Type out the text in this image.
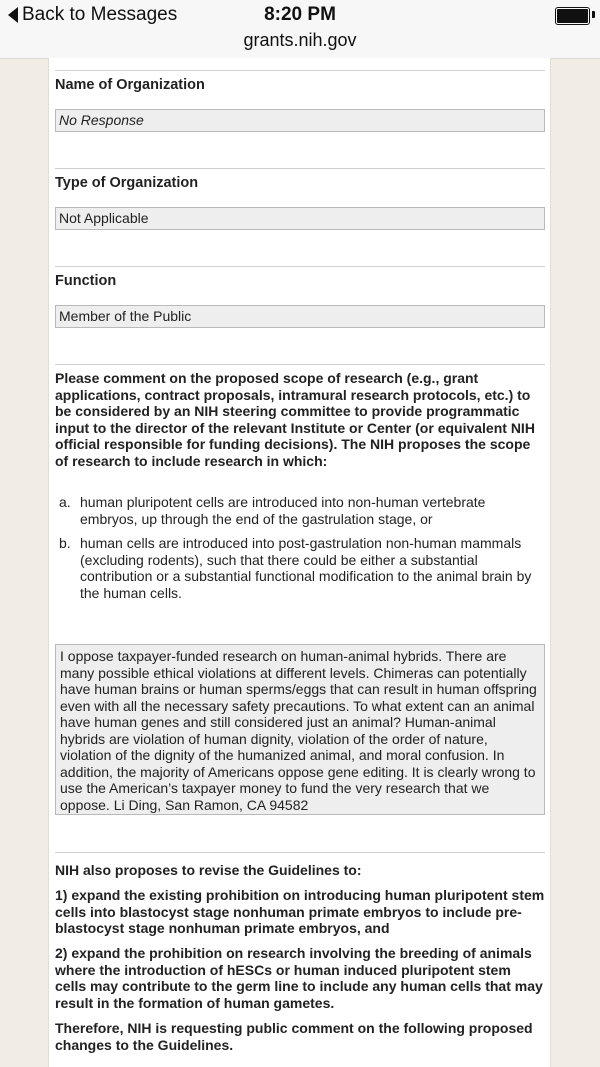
Back to Messages	8:20 PM
grants.nih.gov
Name of Organization
No Response
Type of Organization
Not Applicable
Function
Member of the Public
Please comment on the proposed scope of research (e.g., grant applications, contract proposals, intramural research protocols, etc.) to be considered by an NIH steering committee to provide programmatic input to the director of the relevant Institute or Center (or equivalent NIH official responsible for funding decisions). The NIH proposes the scope of research to include research in which:
a. human pluripotent cells are introduced into non-human vertebrate embryos, up through the end of the gastrulation stage, or
b. human cells are introduced into post-gastrulation non-human mammals (excluding rodents), such that there could be either a substantial contribution or a substantial functional modification to the animal brain by the human cells.
I oppose taxpayer-funded research on human-animal hybrids. There are many possible ethical violations at different levels. Chimeras can potentially have human brains or human sperms/eggs that can result in human offspring even with all the necessary safety precautions. To what extent can an animal have human genes and still considered just an animal? Human-animal hybrids are violation of human dignity, violation of the order of nature, violation of the dignity of the humanized animal, and moral confusion. In addition, the majority of Americans oppose gene editing. It is clearly wrong to use the American’s taxpayer money to fund the very research that we oppose. Li Ding, San Ramon, CA 94582
NIH also proposes to revise the Guidelines to:
1) expand the existing prohibition on introducing human pluripotent stem cells into blastocyst stage nonhuman primate embryos to include pre-blastocyst stage nonhuman primate embryos, and
2) expand the prohibition on research involving the breeding of animals where the introduction of hESCs or human induced pluripotent stem cells may contribute to the germ line to include any human cells that may result in the formation of human gametes.
Therefore, NIH is requesting public comment on the following proposed changes to the Guidelines.
